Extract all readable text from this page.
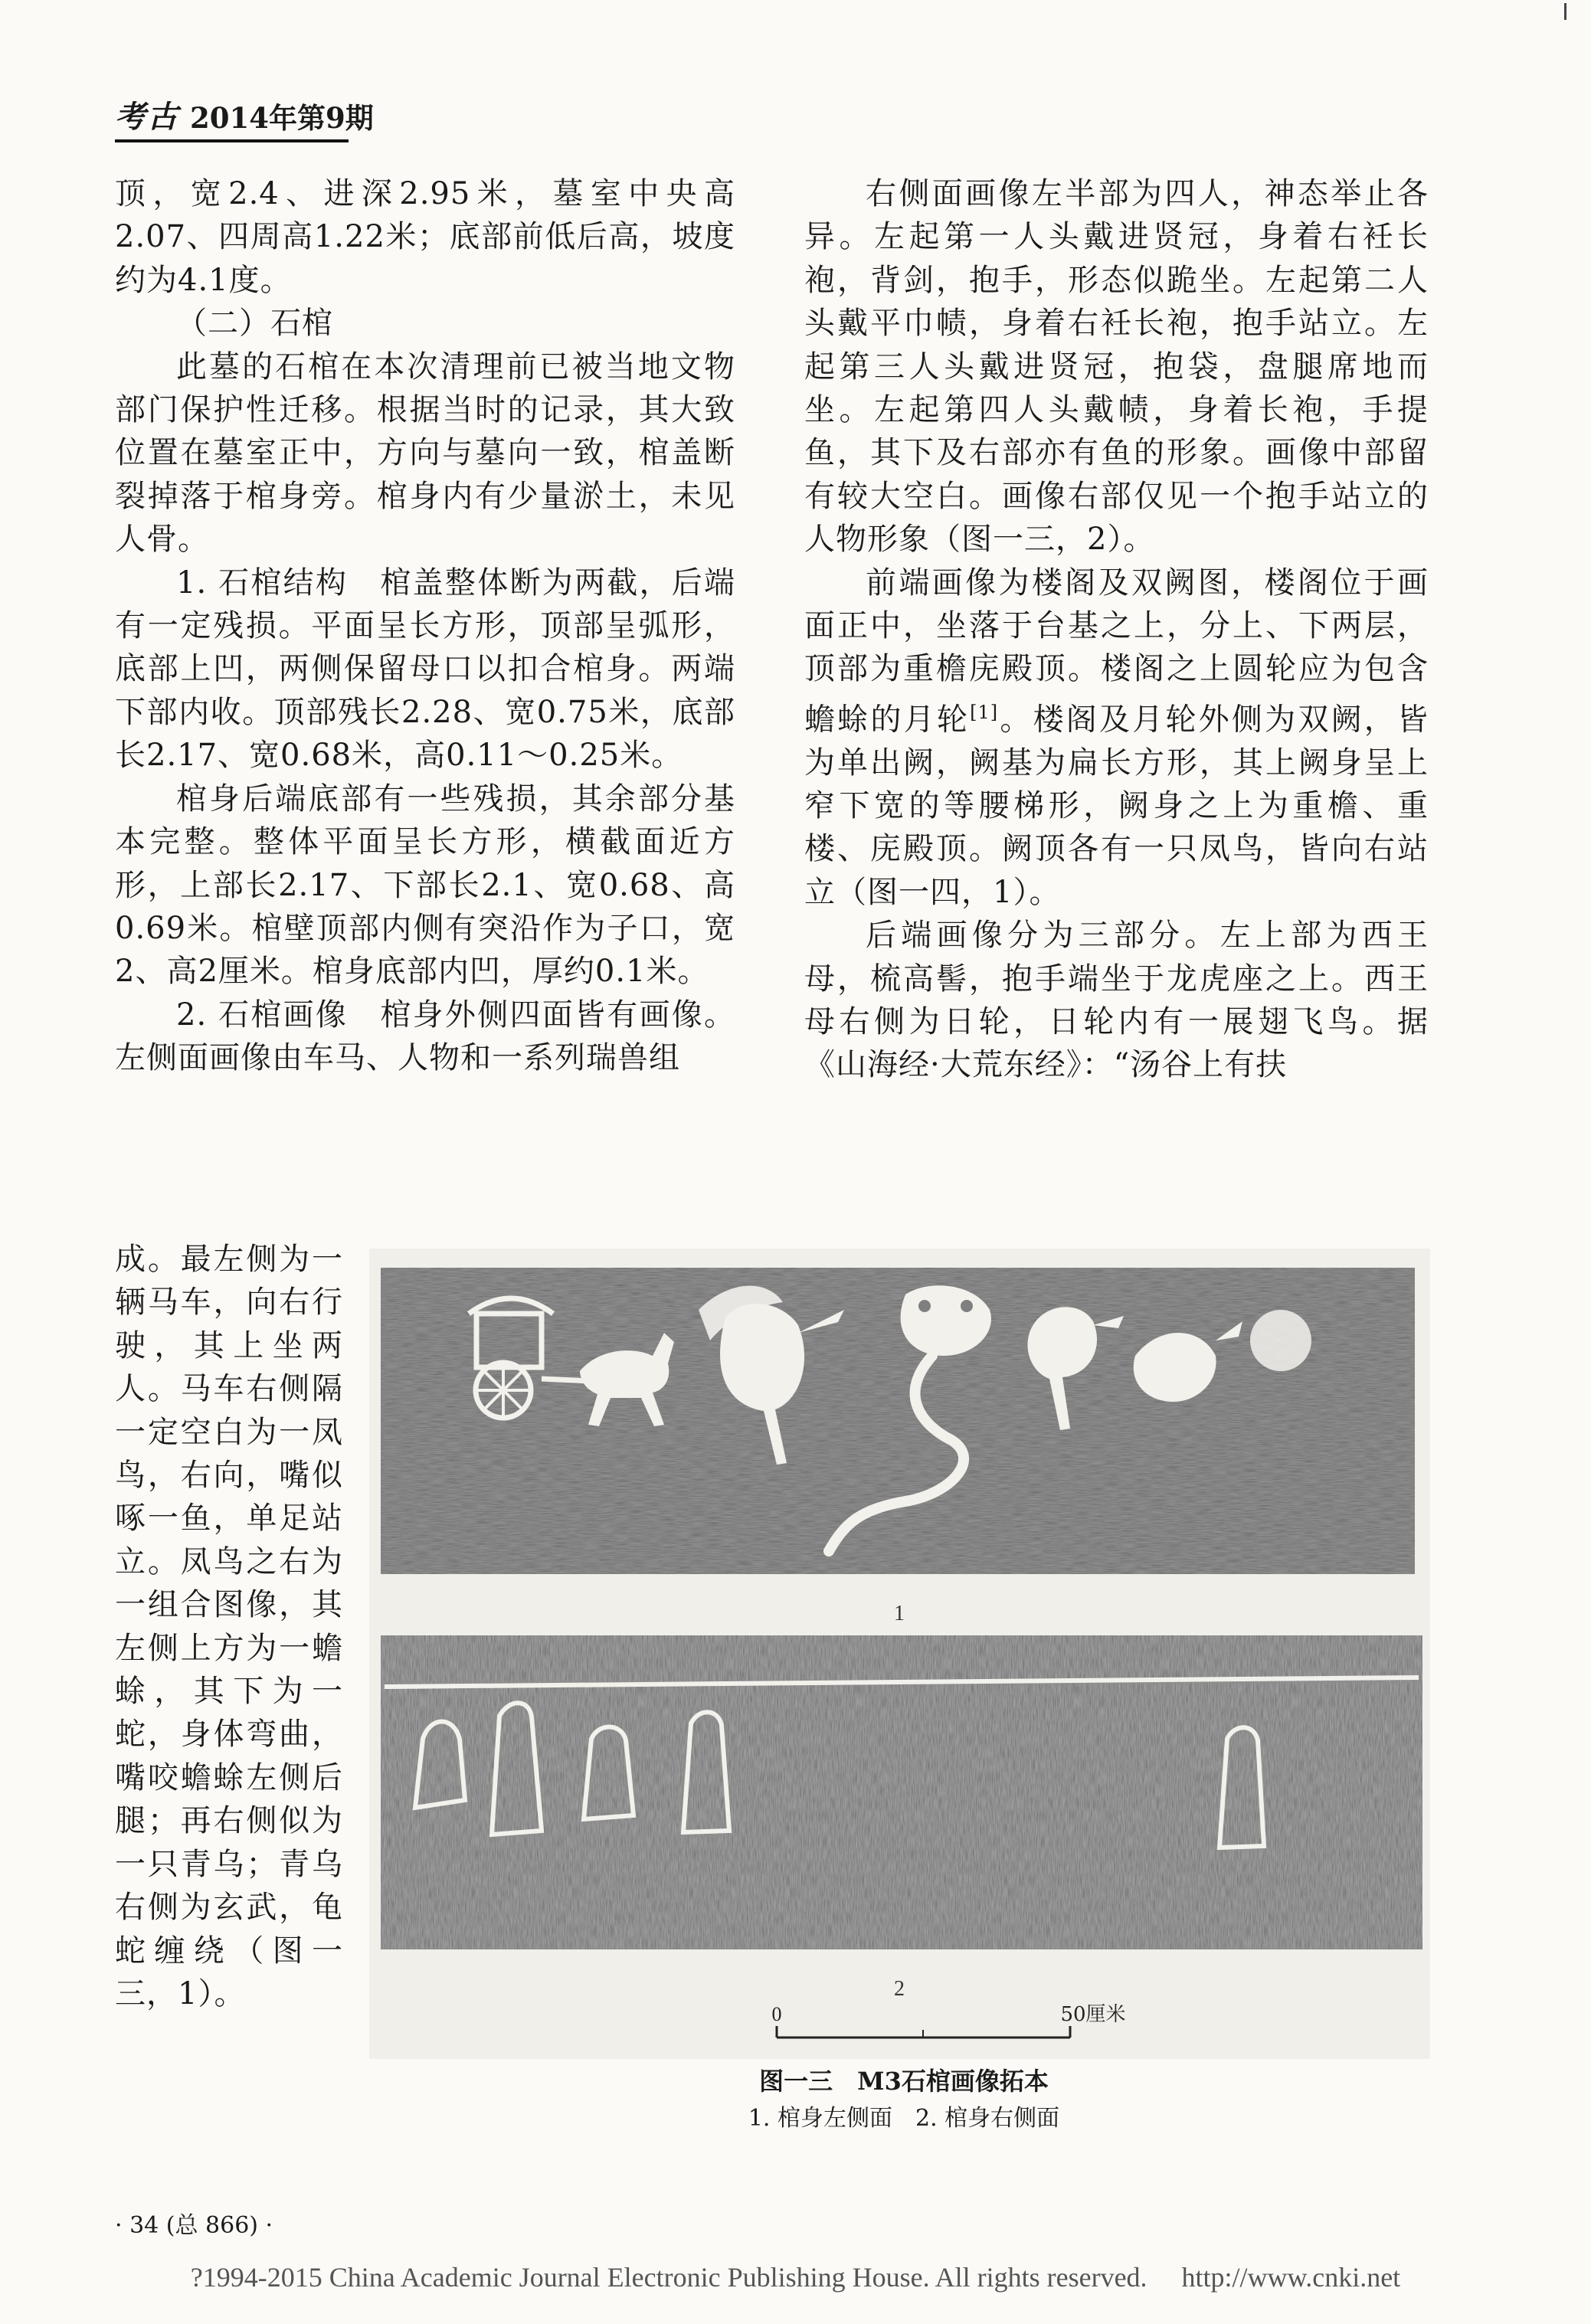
考古 2014年第9期

顶，宽2.4、进深2.95米，墓室中央高2.07、四周高1.22米；底部前低后高，坡度约为4.1度。

（二）石棺

此墓的石棺在本次清理前已被当地文物部门保护性迁移。根据当时的记录，其大致位置在墓室正中，方向与墓向一致，棺盖断裂掉落于棺身旁。棺身内有少量淤土，未见人骨。

1. 石棺结构　棺盖整体断为两截，后端有一定残损。平面呈长方形，顶部呈弧形，底部上凹，两侧保留母口以扣合棺身。两端下部内收。顶部残长2.28、宽0.75米，底部长2.17、宽0.68米，高0.11～0.25米。

棺身后端底部有一些残损，其余部分基本完整。整体平面呈长方形，横截面近方形，上部长2.17、下部长2.1、宽0.68、高0.69米。棺壁顶部内侧有突沿作为子口，宽2、高2厘米。棺身底部内凹，厚约0.1米。

2. 石棺画像　棺身外侧四面皆有画像。左侧面画像由车马、人物和一系列瑞兽组

成。最左侧为一辆马车，向右行驶，其上坐两人。马车右侧隔一定空白为一凤鸟，右向，嘴似啄一鱼，单足站立。凤鸟之右为一组合图像，其左侧上方为一蟾蜍，其下为一蛇，身体弯曲，嘴咬蟾蜍左侧后腿；再右侧似为一只青乌；青乌右侧为玄武，龟蛇缠绕（图一三，1）。

右侧面画像左半部为四人，神态举止各异。左起第一人头戴进贤冠，身着右衽长袍，背剑，抱手，形态似跪坐。左起第二人头戴平巾帻，身着右衽长袍，抱手站立。左起第三人头戴进贤冠，抱袋，盘腿席地而坐。左起第四人头戴帻，身着长袍，手提鱼，其下及右部亦有鱼的形象。画像中部留有较大空白。画像右部仅见一个抱手站立的人物形象（图一三，2）。

前端画像为楼阁及双阙图，楼阁位于画面正中，坐落于台基之上，分上、下两层，顶部为重檐庑殿顶。楼阁之上圆轮应为包含蟾蜍的月轮[1]。楼阁及月轮外侧为双阙，皆为单出阙，阙基为扁长方形，其上阙身呈上窄下宽的等腰梯形，阙身之上为重檐、重楼、庑殿顶。阙顶各有一只凤鸟，皆向右站立（图一四，1）。

后端画像分为三部分。左上部为西王母，梳高髻，抱手端坐于龙虎座之上。西王母右侧为日轮，日轮内有一展翅飞鸟。据《山海经·大荒东经》：“汤谷上有扶

1
2
0	50厘米
图一三　M3石棺画像拓本
1. 棺身左侧面　2. 棺身右侧面
· 34 (总 866) ·
?1994-2015 China Academic Journal Electronic Publishing House. All rights reserved.　 http://www.cnki.net
